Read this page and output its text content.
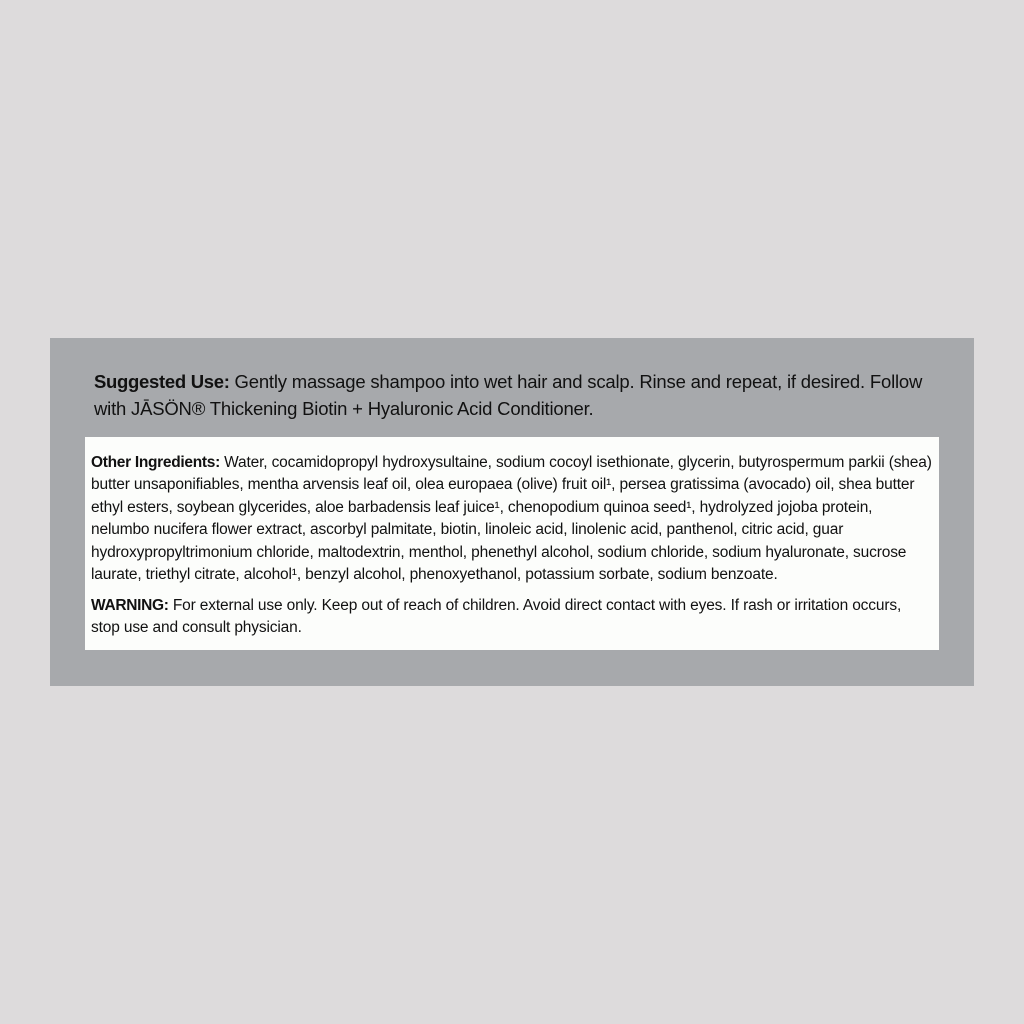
Suggested Use: Gently massage shampoo into wet hair and scalp. Rinse and repeat, if desired. Follow with JĀSÖN® Thickening Biotin + Hyaluronic Acid Conditioner.
Other Ingredients: Water, cocamidopropyl hydroxysultaine, sodium cocoyl isethionate, glycerin, butyrospermum parkii (shea) butter unsaponifiables, mentha arvensis leaf oil, olea europaea (olive) fruit oil¹, persea gratissima (avocado) oil, shea butter ethyl esters, soybean glycerides, aloe barbadensis leaf juice¹, chenopodium quinoa seed¹, hydrolyzed jojoba protein, nelumbo nucifera flower extract, ascorbyl palmitate, biotin, linoleic acid, linolenic acid, panthenol, citric acid, guar hydroxypropyltrimonium chloride, maltodextrin, menthol, phenethyl alcohol, sodium chloride, sodium hyaluronate, sucrose laurate, triethyl citrate, alcohol¹, benzyl alcohol, phenoxyethanol, potassium sorbate, sodium benzoate.
WARNING: For external use only. Keep out of reach of children. Avoid direct contact with eyes. If rash or irritation occurs, stop use and consult physician.
